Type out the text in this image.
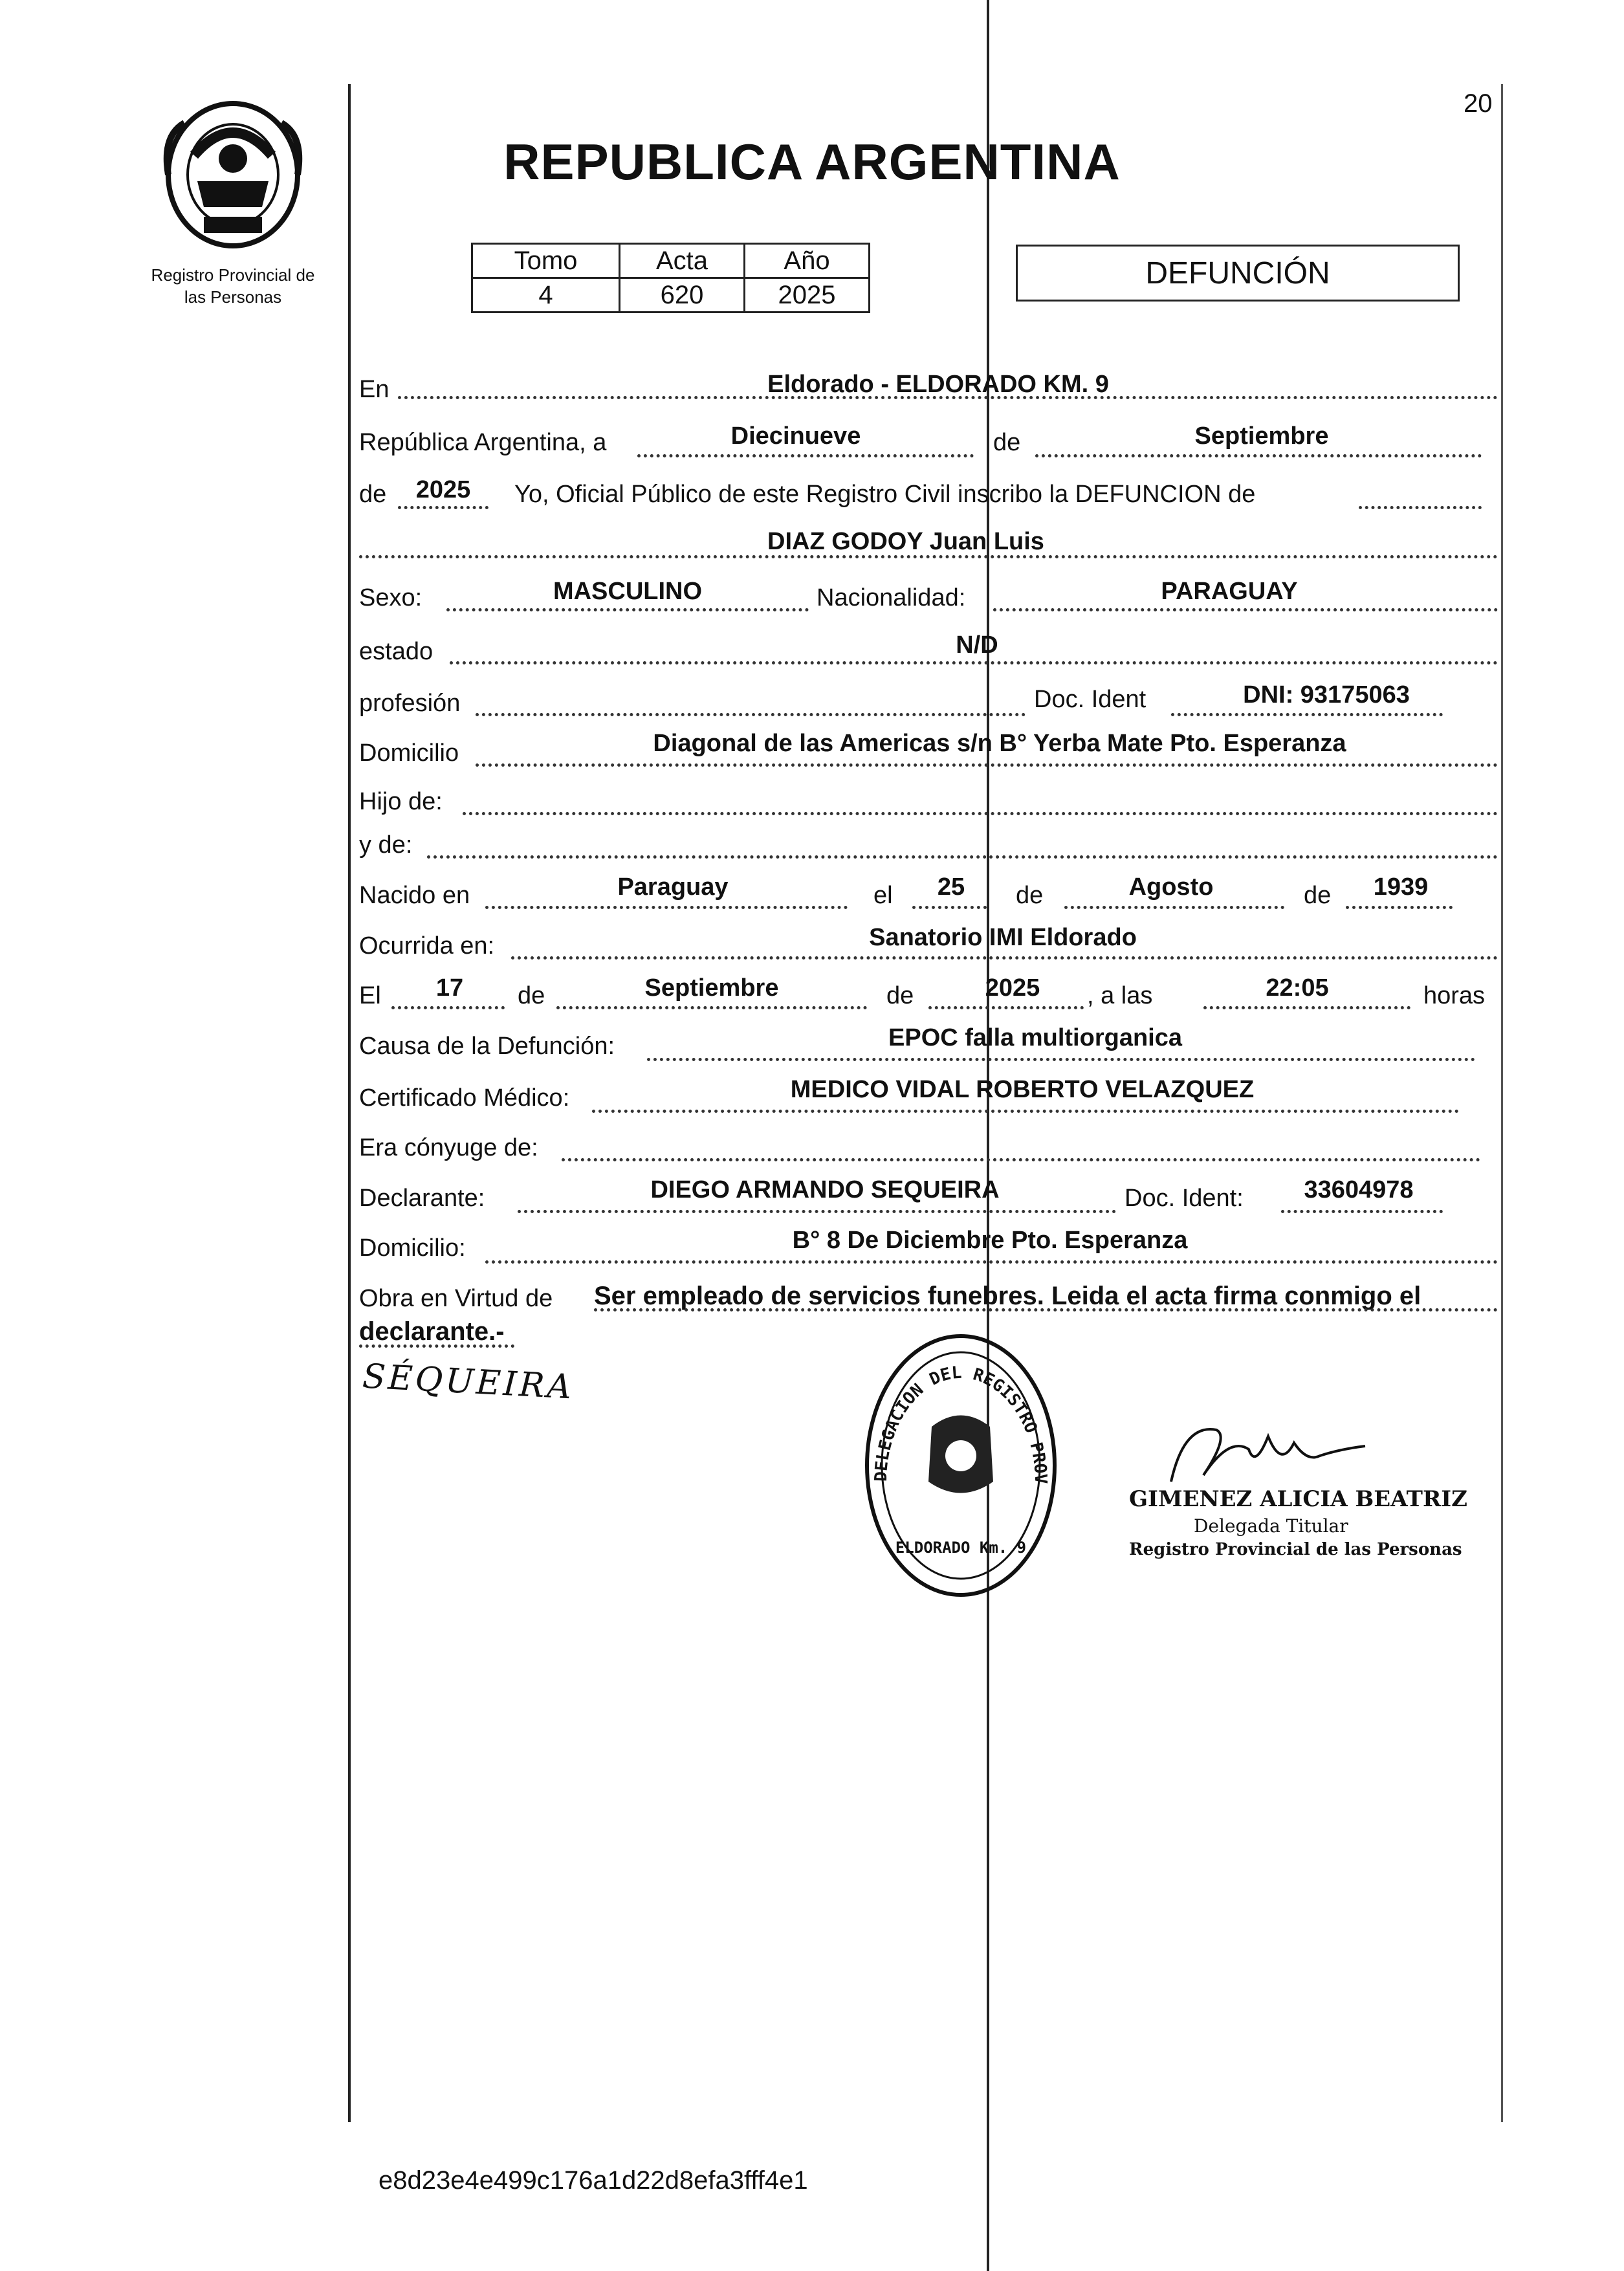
20
Registro Provincial de
las Personas
REPUBLICA ARGENTINA
Tomo	Acta	Año
4	620	2025
DEFUNCIÓN
En	Eldorado - ELDORADO KM. 9
República Argentina, a	Diecinueve	de	Septiembre
de	2025	Yo, Oficial Público de este Registro Civil inscribo la DEFUNCION de
DIAZ GODOY Juan Luis
Sexo:	MASCULINO	Nacionalidad:	PARAGUAY
estado	N/D
profesión	Doc. Ident	DNI: 93175063
Domicilio	Diagonal de las Americas s/n B° Yerba Mate Pto. Esperanza
Hijo de:
y de:
Nacido en	Paraguay	el	25	de	Agosto	de	1939
Ocurrida en:	Sanatorio IMI Eldorado
El	17	de	Septiembre	de	2025	, a las	22:05	horas
Causa de la Defunción:	EPOC falla multiorganica
Certificado Médico:	MEDICO VIDAL ROBERTO VELAZQUEZ
Era cónyuge de:
Declarante:	DIEGO ARMANDO SEQUEIRA	Doc. Ident:	33604978
Domicilio:	B° 8 De Diciembre Pto. Esperanza
Obra en Virtud de Ser empleado de servicios funebres. Leida el acta firma conmigo el
declarante.-
SÉQUEIRA
DELEGACION DEL REGISTRO PROV
ELDORADO Km. 9
GIMENEZ ALICIA BEATRIZ
Delegada Titular
Registro Provincial de las Personas
e8d23e4e499c176a1d22d8efa3fff4e1
